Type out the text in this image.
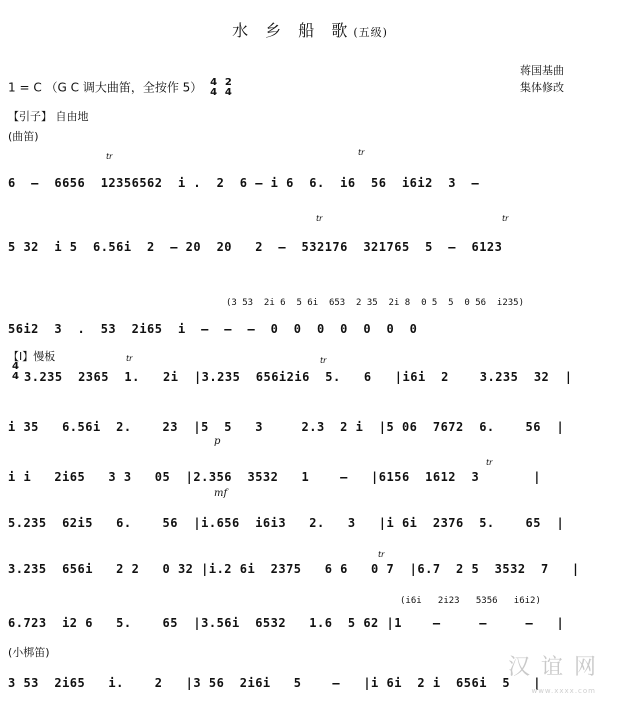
水 乡 船 歌(五级)
蒋国基曲
集体修改
1 = C （G C 调大曲笛，全按作 5） 4
4

2
4
【引子】 自由地
(曲笛)
tr	tr
tr	tr
6  –  6656  12356562  i .  2  6 – i 6  6.  i6  56  i6i2  3  –
5 32  i 5  6.56i  2  – 20  20   2  –  532176  321765  5  –  6123
(3 53  2i 6  5 6i  653  2 35  2i 8  0 5  5  0 56  i235)
56i2  3  .  53  2i65  i  –  –  –  0  0  0  0  0  0  0
【Ⅰ】慢板
4
4
tr	tr
3.235  2365  1.   2i  |3.235  656i2i6  5.   6   |i6i  2    3.235  32  |
i 35   6.56i  2.    23  |5  5   3     2.3  2 i  |5 06  7672  6.    56  |
p
tr
i i   2i65   3 3   05  |2.356  3532   1    –   |6156  1612  3       |
mf
5.235  62i5   6.    56  |i.656  i6i3   2.   3   |i 6i  2376  5.    65  |
tr
3.235  656i   2 2   0 32 |i.2 6i  2375   6 6   0 7  |6.7  2 5  3532  7   |
(i6i   2i23   5356   i6i2)
6.723  i2 6   5.    65  |3.56i  6532   1.6  5 62 |1    –     –     –   |
(小梆笛)
3 53  2i65   i.    2   |3 56  2i6i   5    –   |i 6i  2 i  656i  5   |
汉 谊 网
www.xxxx.com
